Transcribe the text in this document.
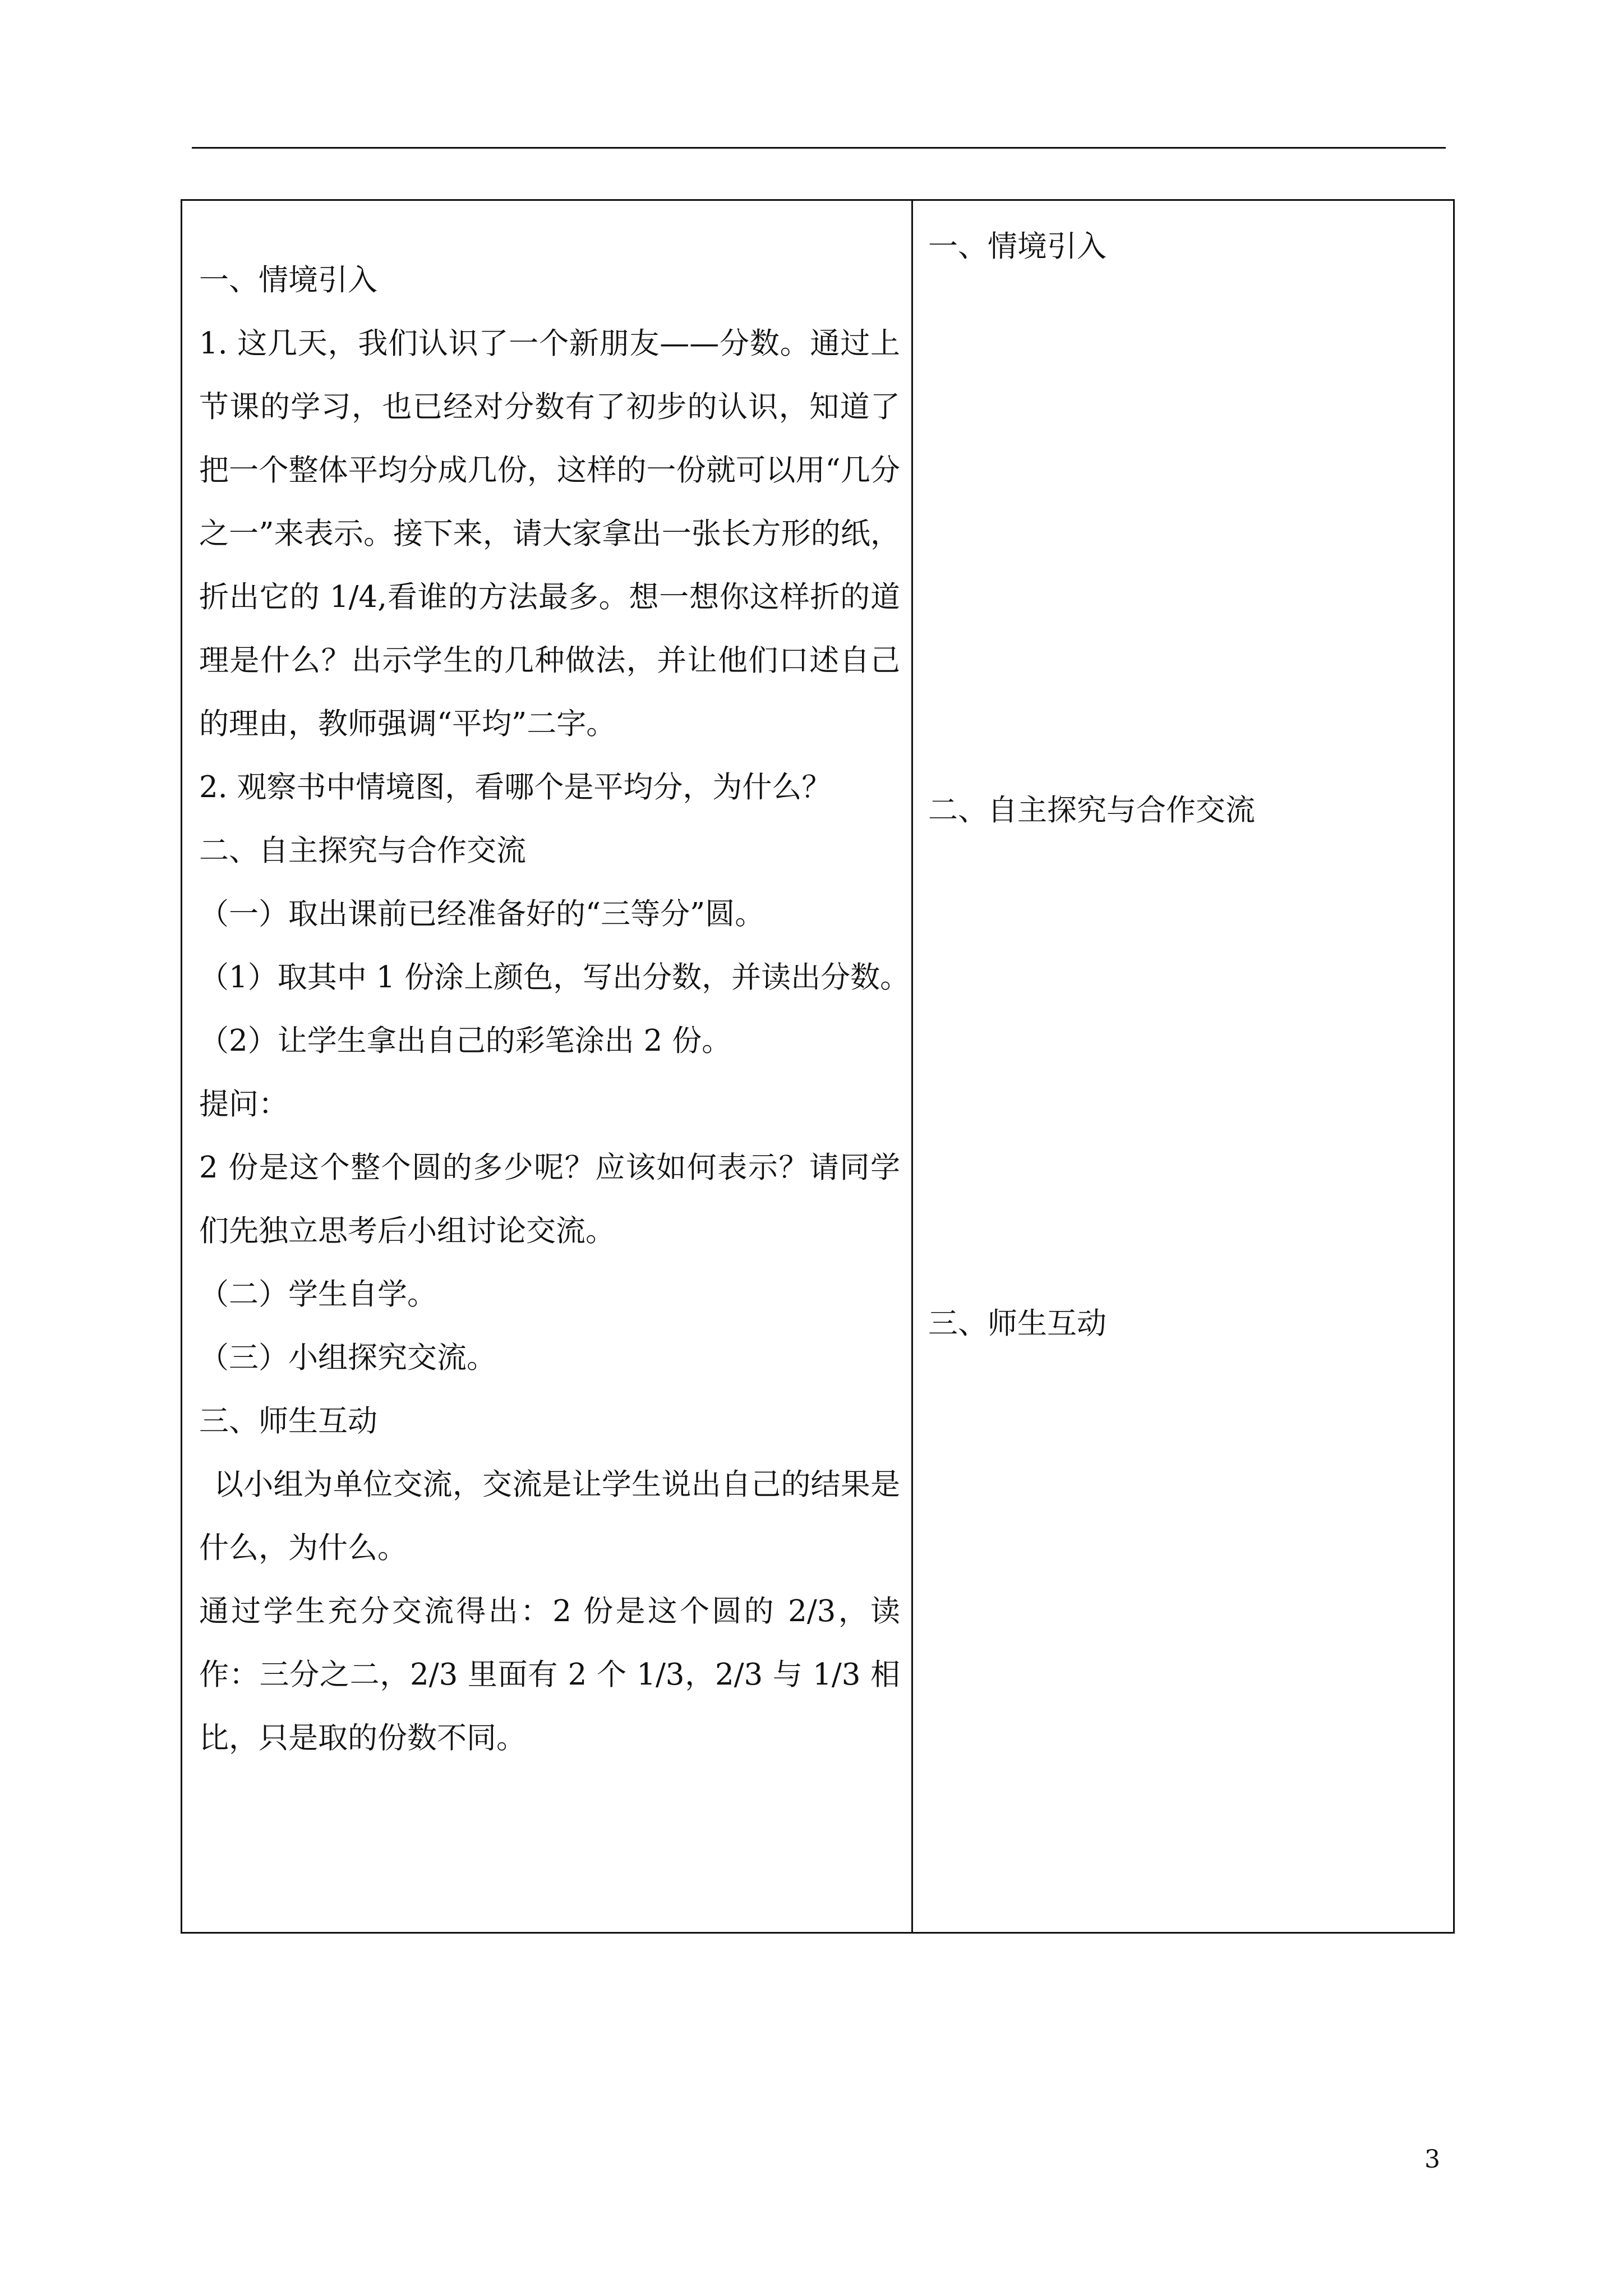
一、情境引入

1. 这几天，我们认识了一个新朋友——分数。通过上节课的学习，也已经对分数有了初步的认识，知道了把一个整体平均分成几份，这样的一份就可以用“几分之一”来表示。接下来，请大家拿出一张长方形的纸，折出它的 1/4,看谁的方法最多。想一想你这样折的道理是什么？出示学生的几种做法，并让他们口述自己的理由，教师强调“平均”二字。

2. 观察书中情境图，看哪个是平均分，为什么？

二、自主探究与合作交流

（一）取出课前已经准备好的“三等分”圆。

（1）取其中 1 份涂上颜色，写出分数，并读出分数。

（2）让学生拿出自己的彩笔涂出 2 份。

提问：

2 份是这个整个圆的多少呢？应该如何表示？请同学们先独立思考后小组讨论交流。

（二）学生自学。

（三）小组探究交流。

三、师生互动

以小组为单位交流，交流是让学生说出自己的结果是什么，为什么。

通过学生充分交流得出：2 份是这个圆的 2/3，读作：三分之二，2/3 里面有 2 个 1/3，2/3 与 1/3 相比，只是取的份数不同。

一、情境引入
二、自主探究与合作交流
三、师生互动
3
